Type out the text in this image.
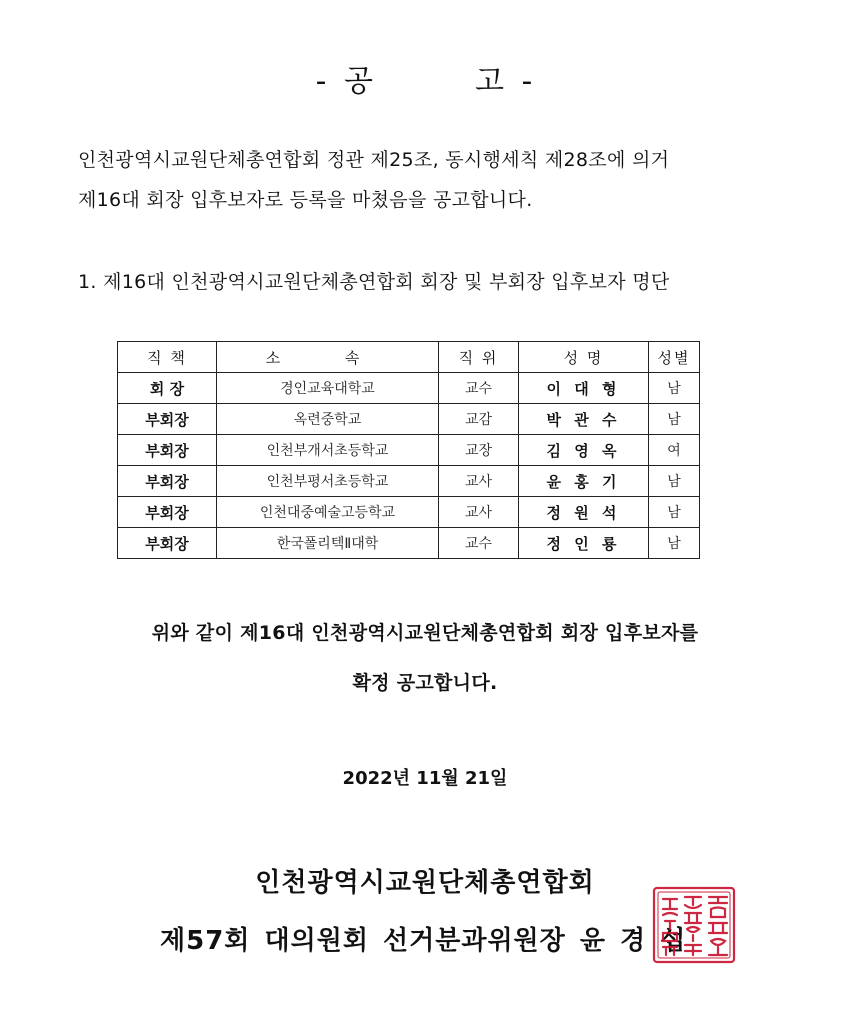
- 공	고 -
인천광역시교원단체총연합회 정관 제25조, 동시행세칙 제28조에 의거
제16대 회장 입후보자로 등록을 마쳤음을 공고합니다.
1. 제16대 인천광역시교원단체총연합회 회장 및 부회장 입후보자 명단
직 책	소 속	직 위	성 명	성별
회 장	경인교육대학교	교수	이 대 형	남
부회장	옥련중학교	교감	박 관 수	남
부회장	인천부개서초등학교	교장	김 영 옥	여
부회장	인천부평서초등학교	교사	윤 홍 기	남
부회장	인천대중예술고등학교	교사	정 원 석	남
부회장	한국폴리텍Ⅱ대학	교수	정 인 룡	남
위와 같이 제16대 인천광역시교원단체총연합회 회장 입후보자를
확정 공고합니다.
2022년 11월 21일
인천광역시교원단체총연합회
제57회 대의원회 선거분과위원장 윤 경 섭
